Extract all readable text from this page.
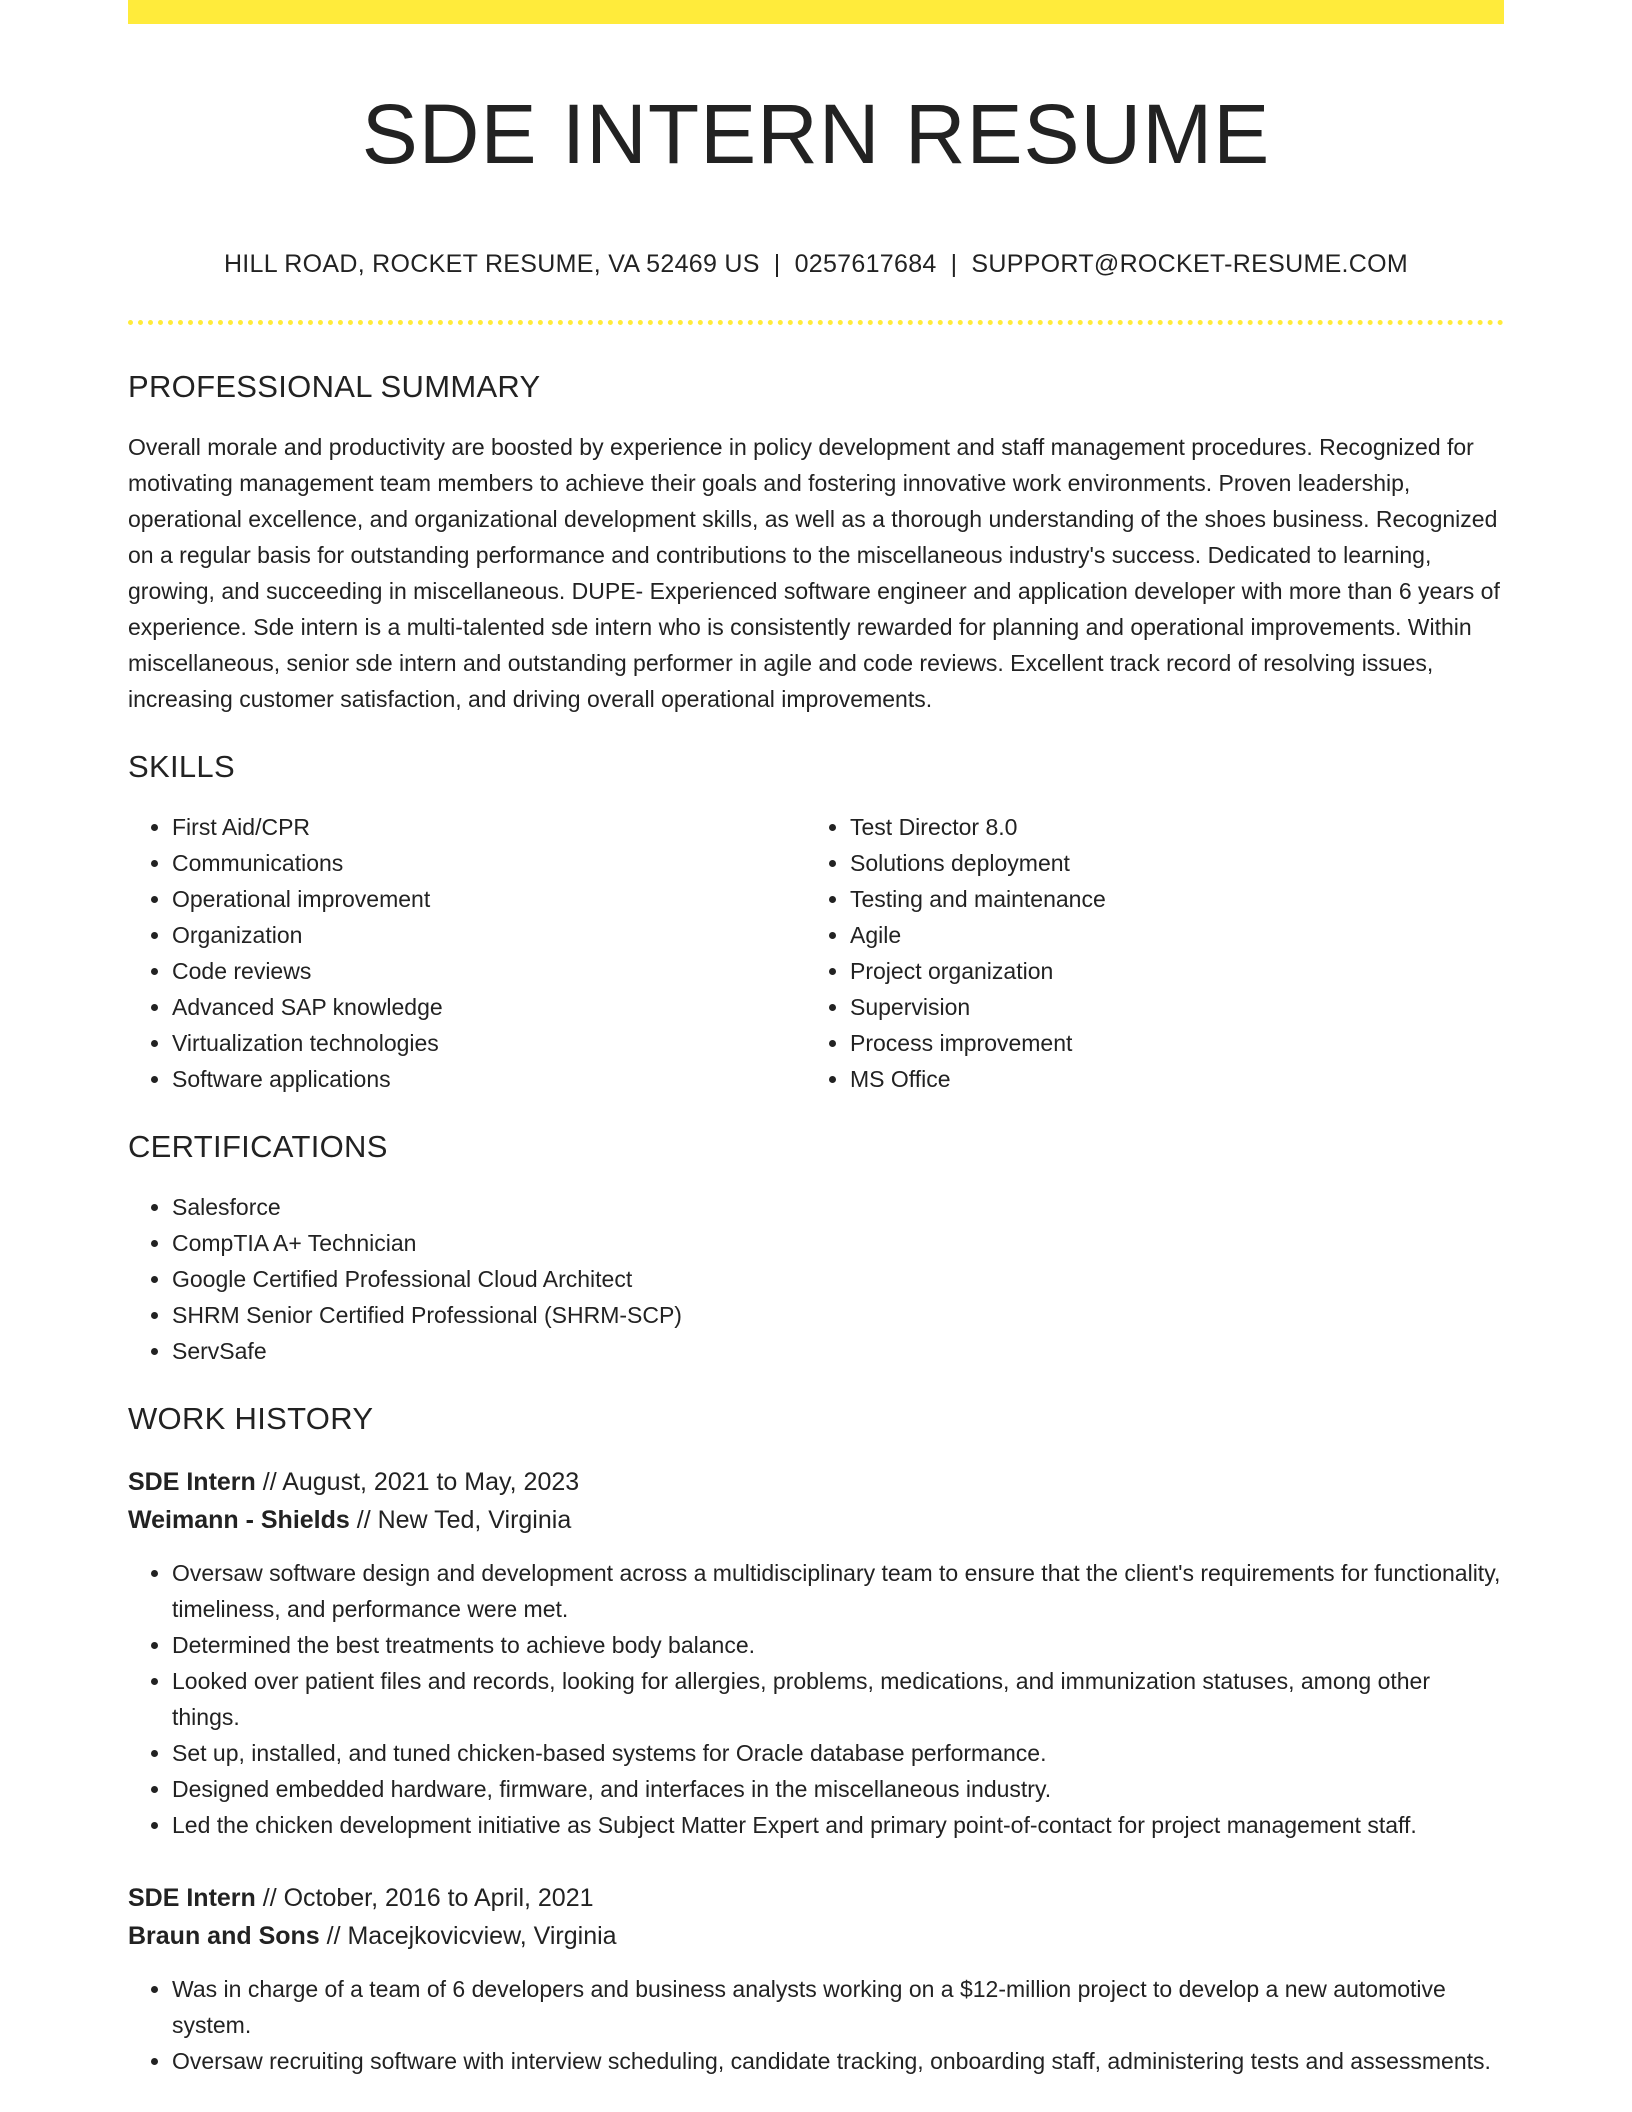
SDE INTERN RESUME
HILL ROAD, ROCKET RESUME, VA 52469 US | 0257617684 | SUPPORT@ROCKET-RESUME.COM
PROFESSIONAL SUMMARY

Overall morale and productivity are boosted by experience in policy development and staff management procedures. Recognized for motivating management team members to achieve their goals and fostering innovative work environments. Proven leadership, operational excellence, and organizational development skills, as well as a thorough understanding of the shoes business. Recognized on a regular basis for outstanding performance and contributions to the miscellaneous industry's success. Dedicated to learning, growing, and succeeding in miscellaneous. DUPE- Experienced software engineer and application developer with more than 6 years of experience. Sde intern is a multi-talented sde intern who is consistently rewarded for planning and operational improvements. Within miscellaneous, senior sde intern and outstanding performer in agile and code reviews. Excellent track record of resolving issues, increasing customer satisfaction, and driving overall operational improvements.

SKILLS
• First Aid/CPR
• Communications
• Operational improvement
• Organization
• Code reviews
• Advanced SAP knowledge
• Virtualization technologies
• Software applications
• Test Director 8.0
• Solutions deployment
• Testing and maintenance
• Agile
• Project organization
• Supervision
• Process improvement
• MS Office
CERTIFICATIONS
• Salesforce
• CompTIA A+ Technician
• Google Certified Professional Cloud Architect
• SHRM Senior Certified Professional (SHRM-SCP)
• ServSafe
WORK HISTORY
SDE Intern // August, 2021 to May, 2023
Weimann - Shields // New Ted, Virginia
• Oversaw software design and development across a multidisciplinary team to ensure that the client's requirements for functionality, timeliness, and performance were met.
• Determined the best treatments to achieve body balance.
• Looked over patient files and records, looking for allergies, problems, medications, and immunization statuses, among other things.
• Set up, installed, and tuned chicken-based systems for Oracle database performance.
• Designed embedded hardware, firmware, and interfaces in the miscellaneous industry.
• Led the chicken development initiative as Subject Matter Expert and primary point-of-contact for project management staff.
SDE Intern // October, 2016 to April, 2021
Braun and Sons // Macejkovicview, Virginia
• Was in charge of a team of 6 developers and business analysts working on a $12-million project to develop a new automotive system.
• Oversaw recruiting software with interview scheduling, candidate tracking, onboarding staff, administering tests and assessments.
